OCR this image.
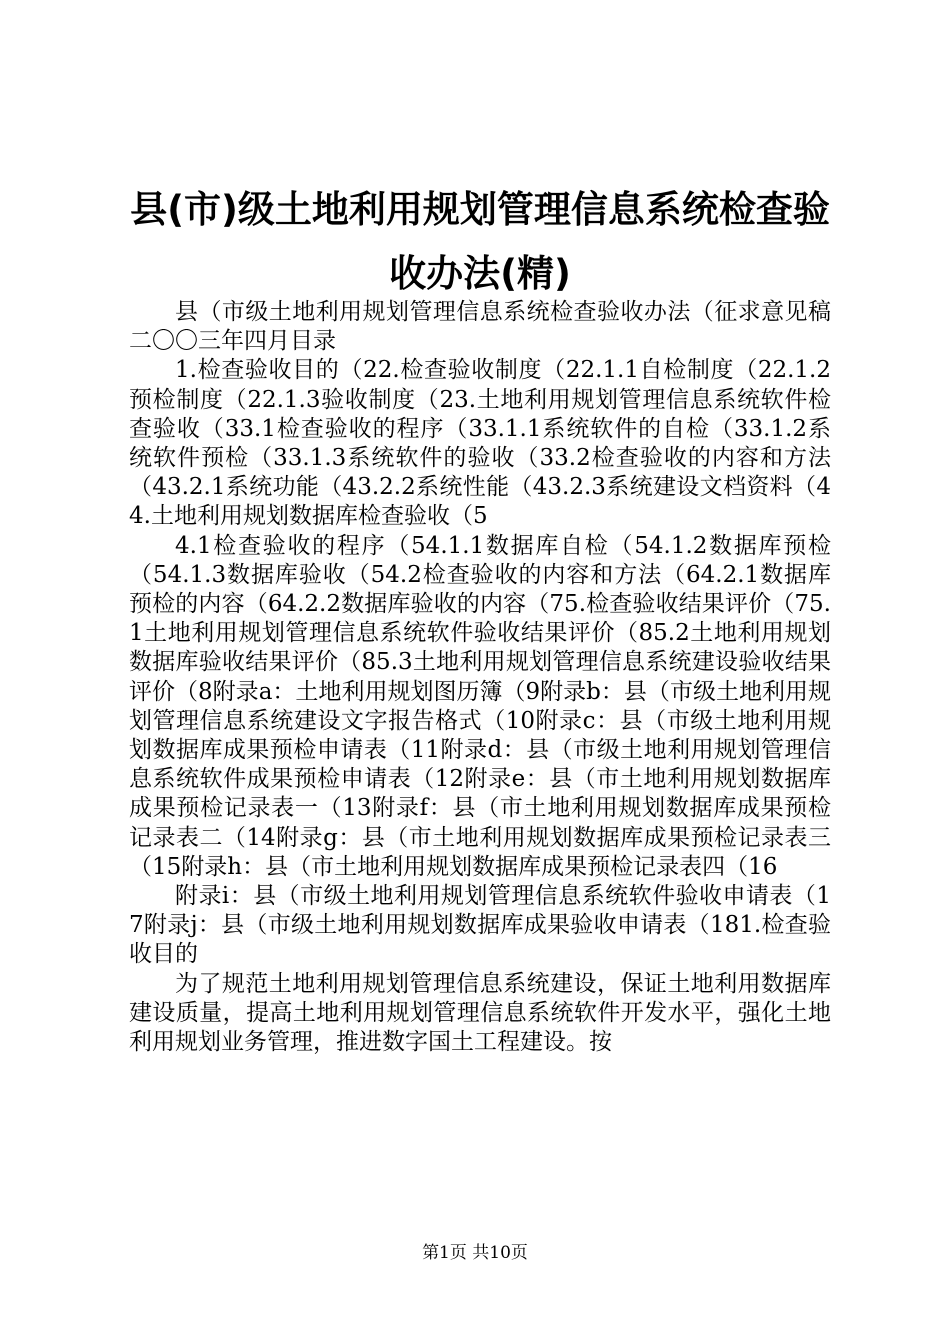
县(市)级土地利用规划管理信息系统检查验收办法(精)

县（市级土地利用规划管理信息系统检查验收办法（征求意见稿二〇〇三年四月目录

1.检查验收目的（22.检查验收制度（22.1.1自检制度（22.1.2预检制度（22.1.3验收制度（23.土地利用规划管理信息系统软件检查验收（33.1检查验收的程序（33.1.1系统软件的自检（33.1.2系统软件预检（33.1.3系统软件的验收（33.2检查验收的内容和方法（43.2.1系统功能（43.2.2系统性能（43.2.3系统建设文档资料（44.土地利用规划数据库检查验收（5

4.1检查验收的程序（54.1.1数据库自检（54.1.2数据库预检（54.1.3数据库验收（54.2检查验收的内容和方法（64.2.1数据库预检的内容（64.2.2数据库验收的内容（75.检查验收结果评价（75.1土地利用规划管理信息系统软件验收结果评价（85.2土地利用规划数据库验收结果评价（85.3土地利用规划管理信息系统建设验收结果评价（8附录a：土地利用规划图历簿（9附录b：县（市级土地利用规划管理信息系统建设文字报告格式（10附录c：县（市级土地利用规划数据库成果预检申请表（11附录d：县（市级土地利用规划管理信息系统软件成果预检申请表（12附录e：县（市土地利用规划数据库成果预检记录表一（13附录f：县（市土地利用规划数据库成果预检记录表二（14附录g：县（市土地利用规划数据库成果预检记录表三（15附录h：县（市土地利用规划数据库成果预检记录表四（16

附录i：县（市级土地利用规划管理信息系统软件验收申请表（17附录j：县（市级土地利用规划数据库成果验收申请表（181.检查验收目的

为了规范土地利用规划管理信息系统建设，保证土地利用数据库建设质量，提高土地利用规划管理信息系统软件开发水平，强化土地利用规划业务管理，推进数字国土工程建设。按

第1页 共10页
